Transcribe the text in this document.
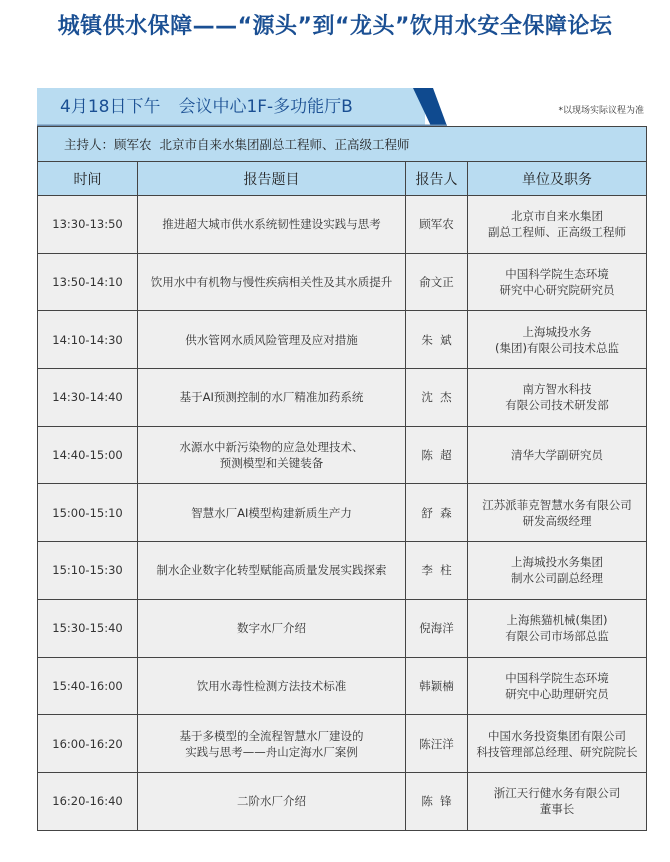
城镇供水保障——“源头”到“龙头”饮用水安全保障论坛
4月18日下午 会议中心1F-多功能厅B	*以现场实际议程为准
主持人：顾军农  北京市自来水集团副总工程师、正高级工程师			
时间	报告题目	报告人	单位及职务
13:30-13:50	推进超大城市供水系统韧性建设实践与思考	顾军农	北京市自来水集团
副总工程师、正高级工程师

13:50-14:10	饮用水中有机物与慢性疾病相关性及其水质提升	俞文正	中国科学院生态环境
研究中心研究院研究员

14:10-14:30	供水管网水质风险管理及应对措施	朱  斌	上海城投水务
(集团)有限公司技术总监

14:30-14:40	基于AI预测控制的水厂精准加药系统	沈  杰	南方智水科技
有限公司技术研发部

14:40-15:00	水源水中新污染物的应急处理技术、
预测模型和关键装备	陈  超	清华大学副研究员

15:00-15:10	智慧水厂AI模型构建新质生产力	舒  森	江苏派菲克智慧水务有限公司
研发高级经理

15:10-15:30	制水企业数字化转型赋能高质量发展实践探索	李  柱	上海城投水务集团
制水公司副总经理

15:30-15:40	数字水厂介绍	倪海洋	上海熊猫机械(集团)
有限公司市场部总监

15:40-16:00	饮用水毒性检测方法技术标准	韩颖楠	中国科学院生态环境
研究中心助理研究员

16:00-16:20	基于多模型的全流程智慧水厂建设的
实践与思考——舟山定海水厂案例	陈汪洋	中国水务投资集团有限公司
科技管理部总经理、研究院院长

16:20-16:40	二阶水厂介绍	陈  锋	浙江天行健水务有限公司
董事长
